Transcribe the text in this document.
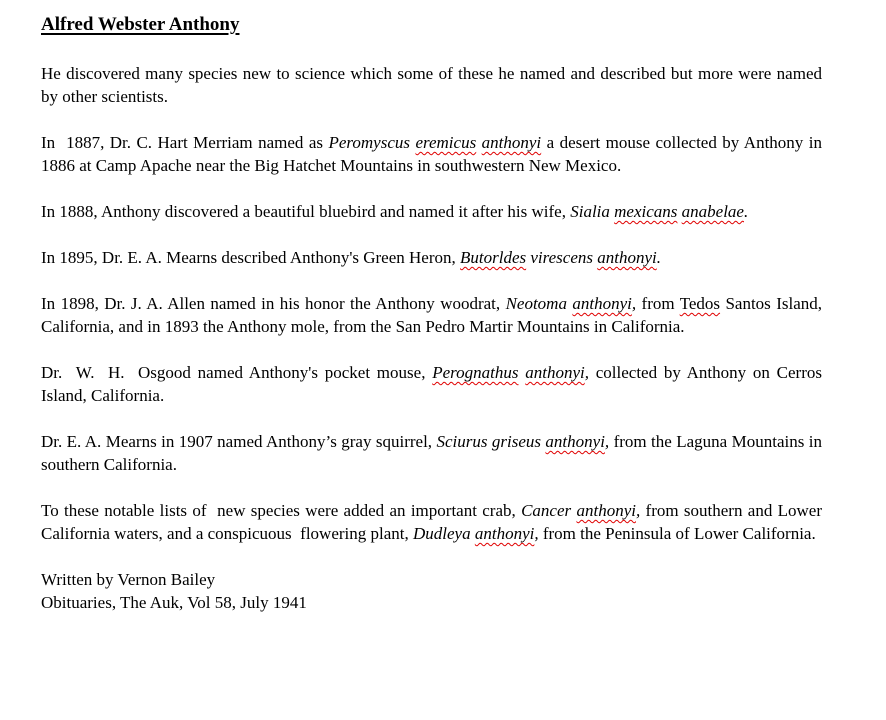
Alfred Webster Anthony

He discovered many species new to science which some of these he named and described but more were named by other scientists.

In  1887, Dr. C. Hart Merriam named as Peromyscus eremicus anthonyi a desert mouse collected by Anthony in 1886 at Camp Apache near the Big Hatchet Mountains in southwestern New Mexico.

In 1888, Anthony discovered a beautiful bluebird and named it after his wife, Sialia mexicans anabelae.

In 1895, Dr. E. A. Mearns described Anthony's Green Heron, Butorldes virescens anthonyi.

In 1898, Dr. J. A. Allen named in his honor the Anthony woodrat, Neotoma anthonyi, from Tedos Santos Island, California, and in 1893 the Anthony mole, from the San Pedro Martir Mountains in California.

Dr.  W.  H.  Osgood named Anthony's pocket mouse, Perognathus anthonyi, collected by Anthony on Cerros Island, California.

Dr. E. A. Mearns in 1907 named Anthony’s gray squirrel, Sciurus griseus anthonyi, from the Laguna Mountains in southern California.

To these notable lists of  new species were added an important crab, Cancer anthonyi, from southern and Lower California waters, and a conspicuous  flowering plant, Dudleya anthonyi, from the Peninsula of Lower California.

Written by Vernon Bailey

Obituaries, The Auk, Vol 58, July 1941
